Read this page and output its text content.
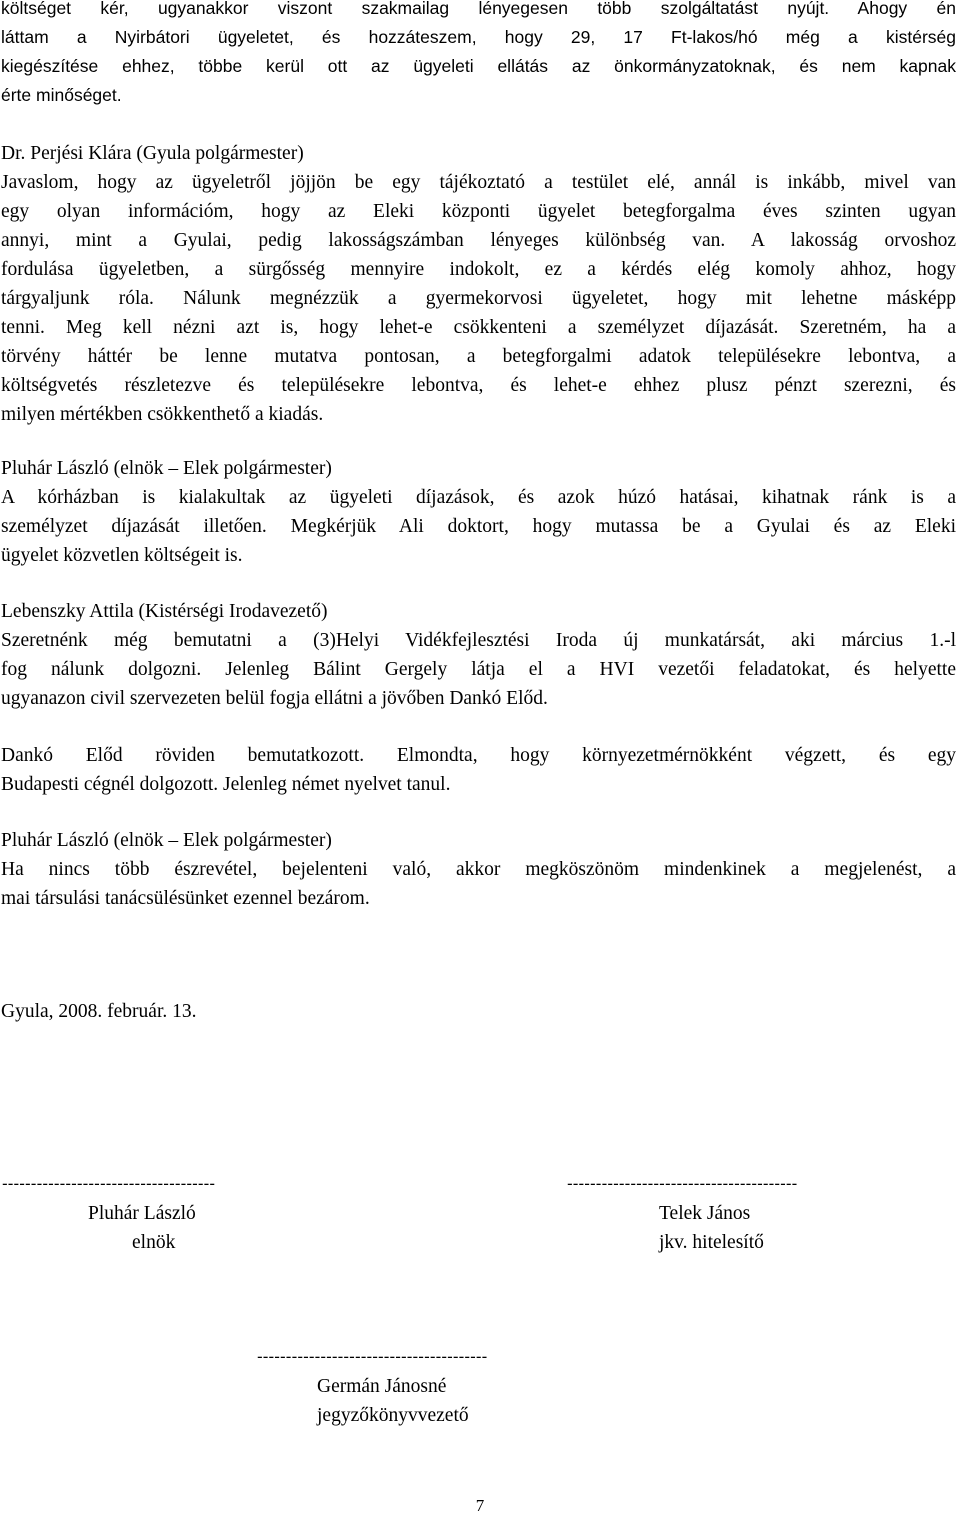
költséget kér, ugyanakkor viszont szakmailag lényegesen több szolgáltatást nyújt. Ahogy én
láttam a Nyirbátori ügyeletet, és hozzáteszem, hogy 29, 17 Ft-lakos/hó még a kistérség
kiegészítése ehhez, többe kerül ott az ügyeleti ellátás az önkormányzatoknak, és nem kapnak
érte minőséget.
Dr. Perjési Klára (Gyula polgármester)
Javaslom, hogy az ügyeletről jöjjön be egy tájékoztató a testület elé, annál is inkább, mivel van
egy olyan információm, hogy az Eleki központi ügyelet betegforgalma éves szinten ugyan
annyi, mint a Gyulai, pedig lakosságszámban lényeges különbség van. A lakosság orvoshoz
fordulása ügyeletben, a sürgősség mennyire indokolt, ez a kérdés elég komoly ahhoz, hogy
tárgyaljunk róla. Nálunk megnézzük a gyermekorvosi ügyeletet, hogy mit lehetne másképp
tenni. Meg kell nézni azt is, hogy lehet-e csökkenteni a személyzet díjazását. Szeretném, ha a
törvény háttér be lenne mutatva pontosan, a betegforgalmi adatok településekre lebontva, a
költségvetés részletezve és településekre lebontva, és lehet-e ehhez plusz pénzt szerezni, és
milyen mértékben csökkenthető a kiadás.
Pluhár László (elnök – Elek polgármester)
A kórházban is kialakultak az ügyeleti díjazások, és azok húzó hatásai, kihatnak ránk is a
személyzet díjazását illetően. Megkérjük Ali doktort, hogy mutassa be a Gyulai és az Eleki
ügyelet közvetlen költségeit is.
Lebenszky Attila (Kistérségi Irodavezető)
Szeretnénk még bemutatni a (3)Helyi Vidékfejlesztési Iroda új munkatársát, aki március 1.-l
fog nálunk dolgozni. Jelenleg Bálint Gergely látja el a HVI vezetői feladatokat, és helyette
ugyanazon civil szervezeten belül fogja ellátni a jövőben Dankó Előd.
Dankó Előd röviden bemutatkozott. Elmondta, hogy környezetmérnökként végzett, és egy
Budapesti cégnél dolgozott. Jelenleg német nyelvet tanul.
Pluhár László (elnök – Elek polgármester)
Ha nincs több észrevétel, bejelenteni való, akkor megköszönöm mindenkinek a megjelenést, a
mai társulási tanácsülésünket ezennel bezárom.
Gyula, 2008. február. 13.
-------------------------------------
Pluhár László
elnök
----------------------------------------
Telek János
jkv. hitelesítő
----------------------------------------
Germán Jánosné
jegyzőkönyvvezető
7
